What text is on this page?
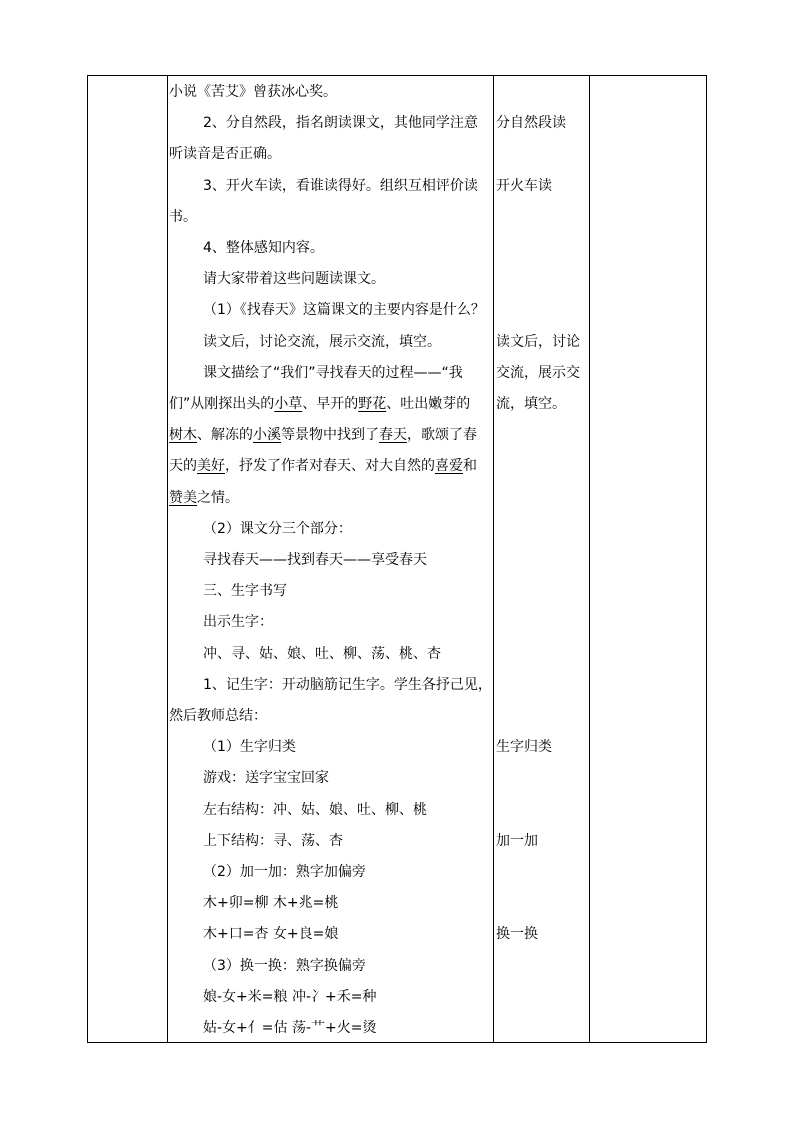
小说《苦艾》曾获冰心奖。
2、分自然段，指名朗读课文，其他同学注意
听读音是否正确。
3、开火车读，看谁读得好。组织互相评价读
书。
4、整体感知内容。
请大家带着这些问题读课文。
（1）《找春天》这篇课文的主要内容是什么？
读文后，讨论交流，展示交流，填空。
课文描绘了“我们”寻找春天的过程——“我
们”从刚探出头的小草、早开的野花、吐出嫩芽的
树木、解冻的小溪等景物中找到了春天，歌颂了春
天的美好，抒发了作者对春天、对大自然的喜爱和
赞美之情。
（2）课文分三个部分：
寻找春天——找到春天——享受春天
三、生字书写
出示生字：
冲、寻、姑、娘、吐、柳、荡、桃、杏
1、记生字：开动脑筋记生字。学生各抒己见，
然后教师总结：
（1）生字归类
游戏：送字宝宝回家
左右结构：冲、姑、娘、吐、柳、桃
上下结构：寻、荡、杏
（2）加一加：熟字加偏旁
木+卯=柳 木+兆=桃
木+口=杏 女+良=娘
（3）换一换：熟字换偏旁
娘-女+米=粮 冲-冫+禾=种
姑-女+亻=估 荡-艹+火=烫
分自然段读
开火车读
读文后，讨论
交流，展示交
流，填空。
生字归类
加一加
换一换
